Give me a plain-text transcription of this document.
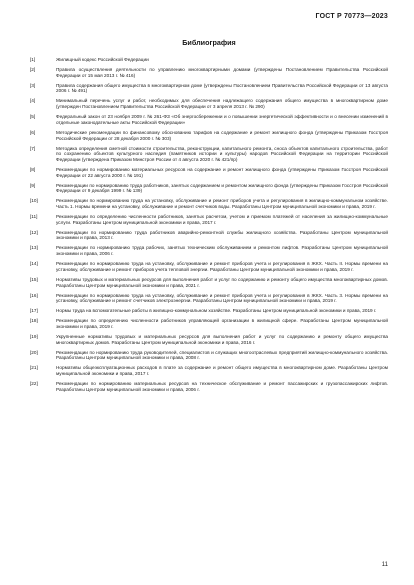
ГОСТ Р 70773—2023
Библиография
[1]	Жилищный кодекс Российской Федерации
[2]	Правила осуществления деятельности по управлению многоквартирными домами (утверждены Постановлением Правительства Российской Федерации от 15 мая 2013 г. № 416)
[3]	Правила содержания общего имущества в многоквартирном доме (утверждены Постановлением Правительства Российской Федерации от 13 августа 2006 г. № 491)
[4]	Минимальный перечень услуг и работ, необходимых для обеспечения надлежащего содержания общего имущества в многоквартирном доме (утвержден Постановлением Правительства Российской Федерации от 3 апреля 2013 г. № 290)
[5]	Федеральный закон от 23 ноября 2009 г. № 261-ФЗ «Об энергосбережении и о повышении энергетической эффективности и о внесении изменений в отдельные законодательные акты Российской Федерации»
[6]	Методические рекомендации по финансовому обоснованию тарифов на содержание и ремонт жилищного фонда (утверждены Приказом Госстроя Российской Федерации от 28 декабря 2000 г. № 303)
[7]	Методика определения сметной стоимости строительства, реконструкции, капитального ремонта, сноса объектов капитального строительства, работ по сохранению объектов культурного наследия (памятников истории и культуры) народов Российской Федерации на территории Российской Федерации (утверждена Приказом Минстроя России от 4 августа 2020 г. № 421/пр)
[8]	Рекомендации по нормированию материальных ресурсов на содержание и ремонт жилищного фонда (утверждены Приказом Госстроя Российской Федерации от 22 августа 2000 г. № 191)
[9]	Рекомендации по нормированию труда работников, занятых содержанием и ремонтом жилищного фонда (утверждены Приказом Госстроя Российской Федерации от 9 декабря 1999 г. № 139)
[10]	Рекомендации по нормированию труда на установку, обслуживание и ремонт приборов учета и регулирования в жилищно-коммунальном хозяйстве. Часть 1. Нормы времени на установку, обслуживание и ремонт счетчиков воды. Разработаны Центром муниципальной экономики и права, 2019 г.
[11]	Рекомендации по определению численности работников, занятых расчетом, учетом и приемом платежей от населения за жилищно-коммунальные услуги. Разработаны Центром муниципальной экономики и права, 2017 г.
[12]	Рекомендации по нормированию труда работников аварийно-ремонтной службы жилищного хозяйства. Разработаны Центром муниципальной экономики и права, 2013 г.
[13]	Рекомендации по нормированию труда рабочих, занятых техническим обслуживанием и ремонтом лифтов. Разработаны Центром муниципальной экономики и права, 2006 г.
[14]	Рекомендации по нормированию труда на установку, обслуживание и ремонт приборов учета и регулирования в ЖКХ. Часть II. Нормы времени на установку, обслуживание и ремонт приборов учета тепловой энергии. Разработаны Центром муниципальной экономики и права, 2019 г.
[15]	Нормативы трудовых и материальных ресурсов для выполнения работ и услуг по содержанию и ремонту общего имущества многоквартирных домов. Разработаны Центром муниципальной экономики и права, 2021 г.
[16]	Рекомендации по нормированию труда на установку, обслуживание и ремонт приборов учета и регулирования в ЖКХ. Часть 3. Нормы времени на установку, обслуживание и ремонт счетчиков электроэнергии. Разработаны Центром муниципальной экономики и права, 2019 г.
[17]	Нормы труда на вспомогательные работы в жилищно-коммунальном хозяйстве. Разработаны Центром муниципальной экономики и права, 2019 г.
[18]	Рекомендации по определению численности работников управляющей организации в жилищной сфере. Разработаны Центром муниципальной экономики и права, 2019 г.
[19]	Укрупненные нормативы трудовых и материальных ресурсов для выполнения работ и услуг по содержанию и ремонту общего имущества многоквартирных домов. Разработаны Центром муниципальной экономики и права, 2016 г.
[20]	Рекомендации по нормированию труда руководителей, специалистов и служащих многоотраслевых предприятий жилищно-коммунального хозяйства. Разработаны Центром муниципальной экономики и права, 2008 г.
[21]	Нормативы общеэксплуатационных расходов в плате за содержание и ремонт общего имущества в многоквартирном доме. Разработаны Центром муниципальной экономики и права, 2017 г.
[22]	Рекомендации по нормированию материальных ресурсов на техническое обслуживание и ремонт пассажирских и грузопассажирских лифтов. Разработаны Центром муниципальной экономики и права, 2006 г.
11
